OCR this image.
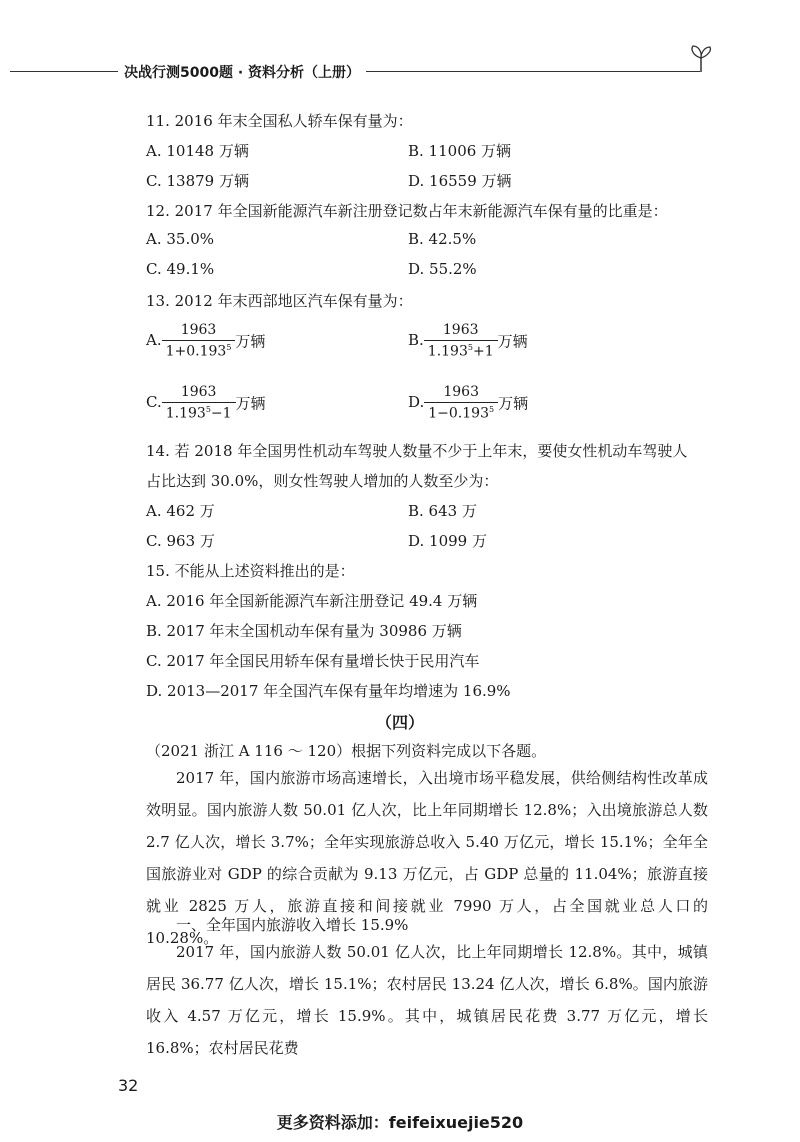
决战行测5000题 · 资料分析（上册）
11. 2016 年末全国私人轿车保有量为：
A. 10148 万辆	B. 11006 万辆
C. 13879 万辆	D. 16559 万辆
12. 2017 年全国新能源汽车新注册登记数占年末新能源汽车保有量的比重是：
A. 35.0%	B. 42.5%
C. 49.1%	D. 55.2%
13. 2012 年末西部地区汽车保有量为：
A. $\frac{1963}{1+0.193^5}$ 万辆	B. $\frac{1963}{1.193^5+1}$ 万辆
C. $\frac{1963}{1.193^5-1}$ 万辆	D. $\frac{1963}{1-0.193^5}$ 万辆
14. 若 2018 年全国男性机动车驾驶人数量不少于上年末，要使女性机动车驾驶人
占比达到 30.0%，则女性驾驶人增加的人数至少为：
A. 462 万	B. 643 万
C. 963 万	D. 1099 万
15. 不能从上述资料推出的是：
A. 2016 年全国新能源汽车新注册登记 49.4 万辆
B. 2017 年末全国机动车保有量为 30986 万辆
C. 2017 年全国民用轿车保有量增长快于民用汽车
D. 2013—2017 年全国汽车保有量年均增速为 16.9%
（四）
（2021 浙江 A 116 ～ 120）根据下列资料完成以下各题。
2017 年，国内旅游市场高速增长，入出境市场平稳发展，供给侧结构性改革成效明显。国内旅游人数 50.01 亿人次，比上年同期增长 12.8%；入出境旅游总人数 2.7 亿人次，增长 3.7%；全年实现旅游总收入 5.40 万亿元，增长 15.1%；全年全国旅游业对 GDP 的综合贡献为 9.13 万亿元，占 GDP 总量的 11.04%；旅游直接就业 2825 万人，旅游直接和间接就业 7990 万人，占全国就业总人口的 10.28%。
一、全年国内旅游收入增长 15.9%
2017 年，国内旅游人数 50.01 亿人次，比上年同期增长 12.8%。其中，城镇居民 36.77 亿人次，增长 15.1%；农村居民 13.24 亿人次，增长 6.8%。国内旅游收入 4.57 万亿元，增长 15.9%。其中，城镇居民花费 3.77 万亿元，增长 16.8%；农村居民花费
32
更多资料添加：feifeixuejie520
